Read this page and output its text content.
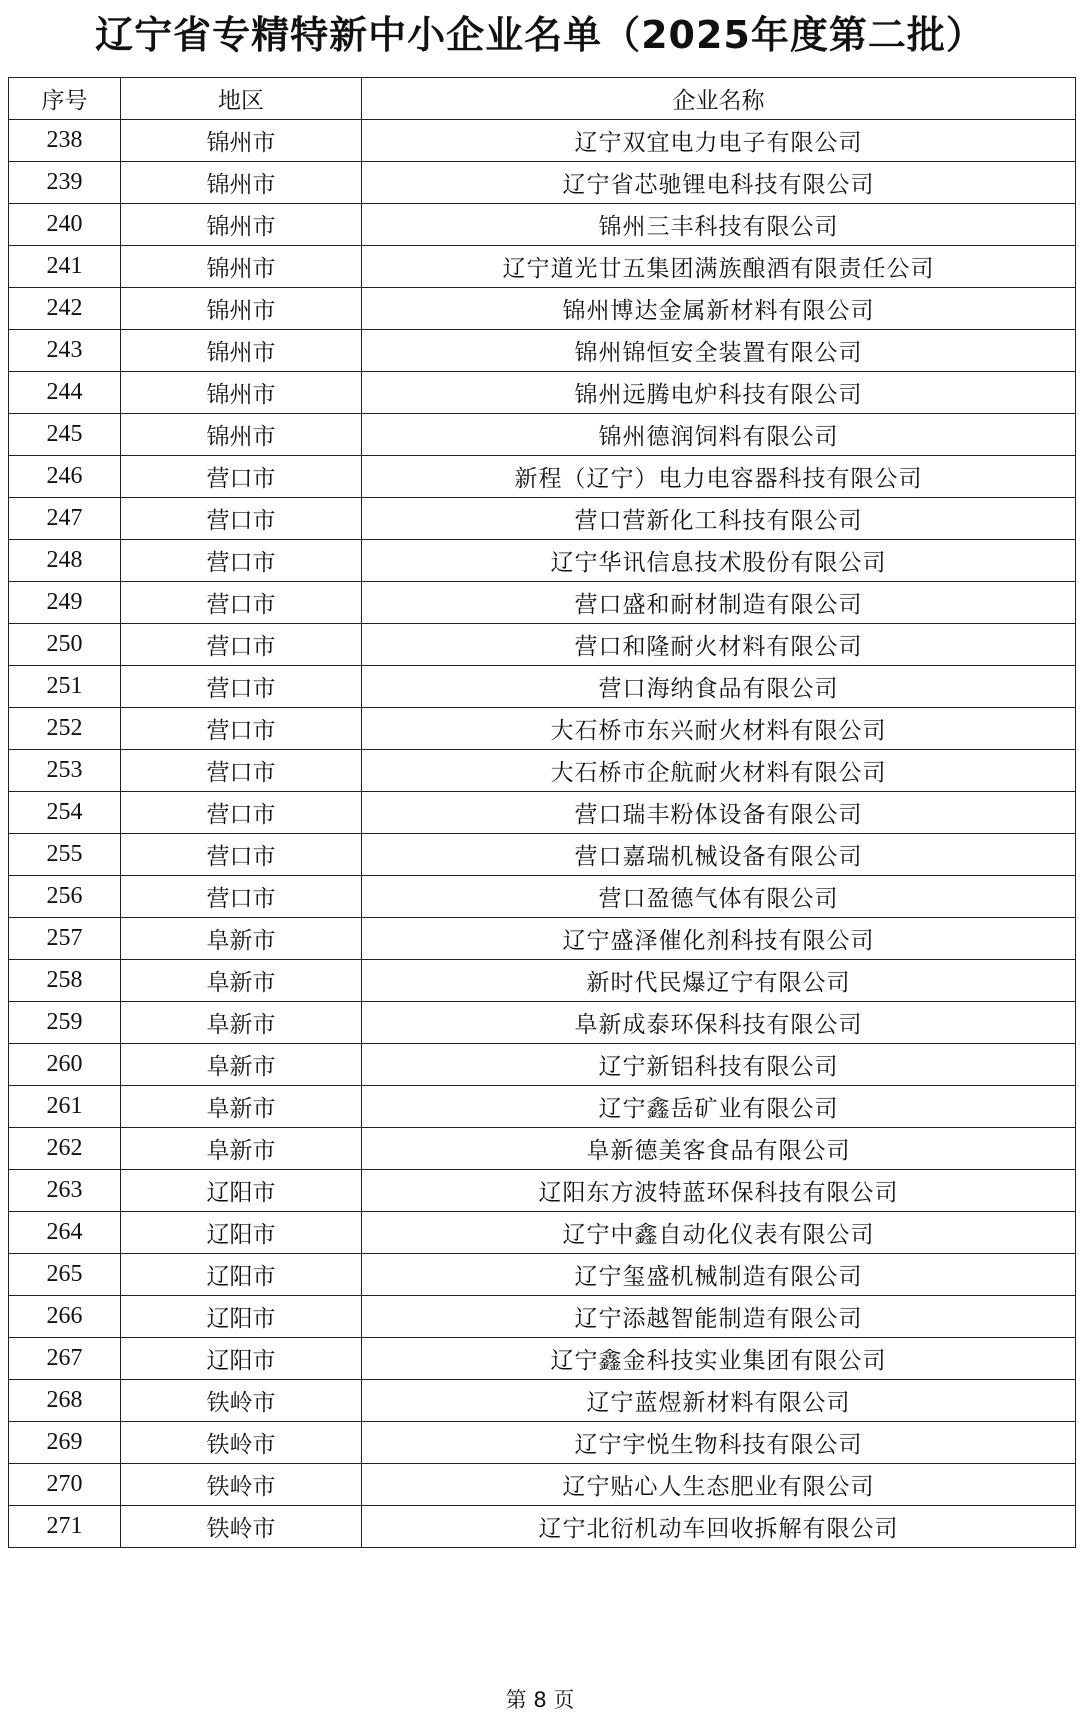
辽宁省专精特新中小企业名单（2025年度第二批）
序号	地区	企业名称
238	锦州市	辽宁双宜电力电子有限公司
239	锦州市	辽宁省芯驰锂电科技有限公司
240	锦州市	锦州三丰科技有限公司
241	锦州市	辽宁道光廿五集团满族酿酒有限责任公司
242	锦州市	锦州博达金属新材料有限公司
243	锦州市	锦州锦恒安全装置有限公司
244	锦州市	锦州远腾电炉科技有限公司
245	锦州市	锦州德润饲料有限公司
246	营口市	新程（辽宁）电力电容器科技有限公司
247	营口市	营口营新化工科技有限公司
248	营口市	辽宁华讯信息技术股份有限公司
249	营口市	营口盛和耐材制造有限公司
250	营口市	营口和隆耐火材料有限公司
251	营口市	营口海纳食品有限公司
252	营口市	大石桥市东兴耐火材料有限公司
253	营口市	大石桥市企航耐火材料有限公司
254	营口市	营口瑞丰粉体设备有限公司
255	营口市	营口嘉瑞机械设备有限公司
256	营口市	营口盈德气体有限公司
257	阜新市	辽宁盛泽催化剂科技有限公司
258	阜新市	新时代民爆辽宁有限公司
259	阜新市	阜新成泰环保科技有限公司
260	阜新市	辽宁新铝科技有限公司
261	阜新市	辽宁鑫岳矿业有限公司
262	阜新市	阜新德美客食品有限公司
263	辽阳市	辽阳东方波特蓝环保科技有限公司
264	辽阳市	辽宁中鑫自动化仪表有限公司
265	辽阳市	辽宁玺盛机械制造有限公司
266	辽阳市	辽宁添越智能制造有限公司
267	辽阳市	辽宁鑫金科技实业集团有限公司
268	铁岭市	辽宁蓝煜新材料有限公司
269	铁岭市	辽宁宇悦生物科技有限公司
270	铁岭市	辽宁贴心人生态肥业有限公司
271	铁岭市	辽宁北衍机动车回收拆解有限公司
第 8 页
